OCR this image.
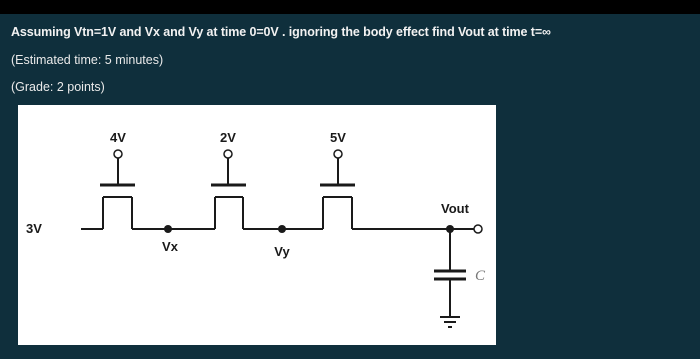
Assuming Vtn=1V and Vx and Vy at time 0=0V . ignoring the body effect find Vout at time t=∞
(Estimated time: 5 minutes)
(Grade: 2 points)
3V
4V	2V	5V
Vx	Vy
Vout
C
